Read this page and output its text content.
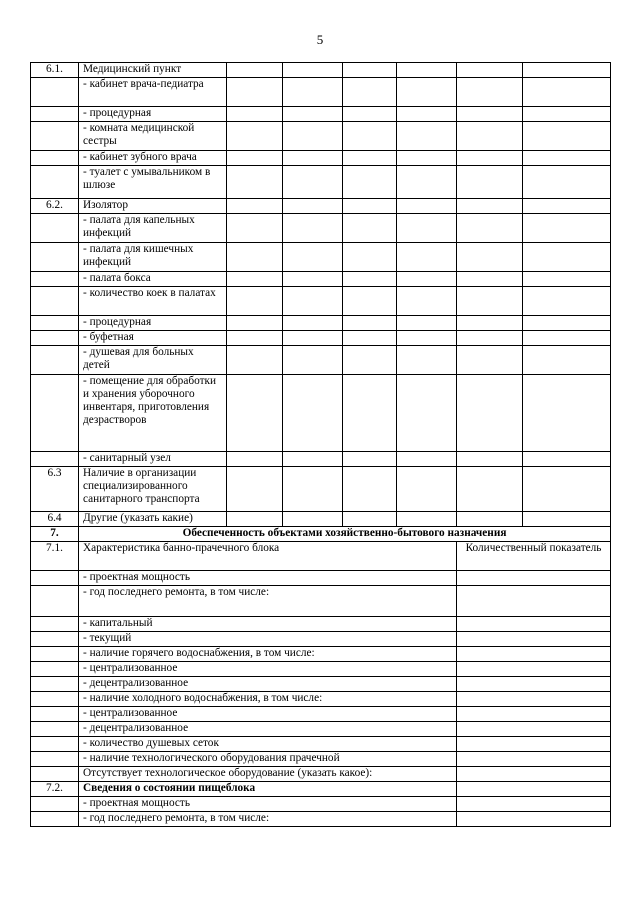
5
6.1.	Медицинский пункт						
	- кабинет врача-педиатра						
	- процедурная						
	- комната медицинской сестры						
	- кабинет зубного врача						
	- туалет с умывальником в шлюзе						
6.2.	Изолятор						
	- палата для капельных инфекций						
	- палата для кишечных инфекций						
	- палата бокса						
	- количество коек в палатах						
	- процедурная						
	- буфетная						
	- душевая для больных детей						
	- помещение для обработки и хранения уборочного инвентаря, приготовления дезрастворов						
	- санитарный узел						
6.3	Наличие в организации специализированного санитарного транспорта						
6.4	Другие (указать какие)						
7.	Обеспеченность объектами хозяйственно-бытового назначения						
7.1.	Характеристика банно-прачечного блока					Количественный показатель	
	- проектная мощность						
	- год последнего ремонта, в том числе:						
	- капитальный						
	- текущий						
	- наличие горячего водоснабжения, в том числе:						
	- централизованное						
	- децентрализованное						
	- наличие холодного водоснабжения, в том числе:						
	- централизованное						
	- децентрализованное						
	- количество душевых сеток						
	- наличие технологического оборудования прачечной						
	Отсутствует технологическое оборудование (указать какое):						
7.2.	Сведения о состоянии пищеблока						
	- проектная мощность						
	- год последнего ремонта, в том числе:						
